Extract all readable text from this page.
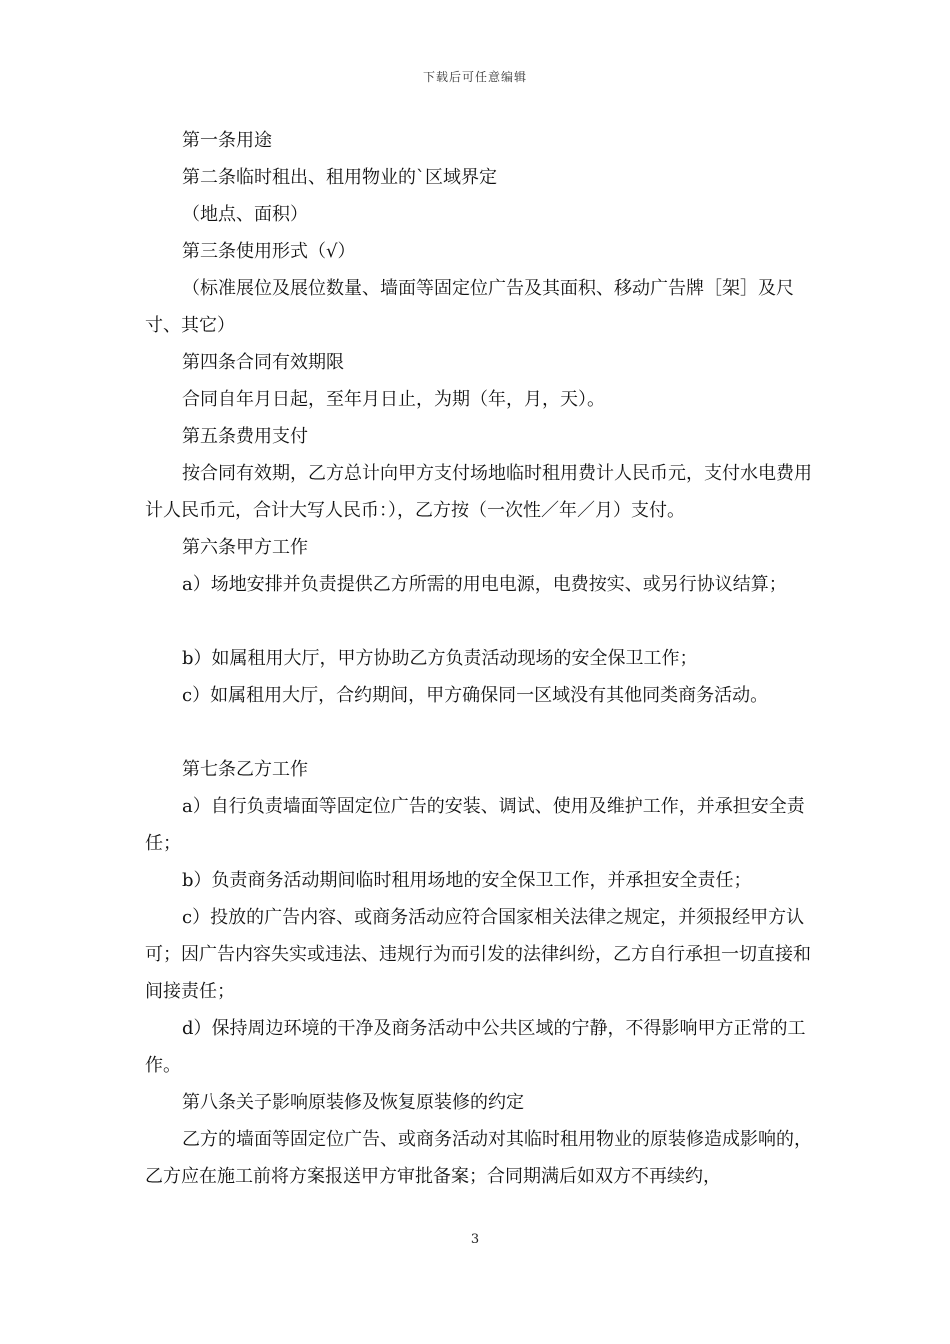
下载后可任意编辑

第一条用途

第二条临时租出、租用物业的`区域界定

（地点、面积）

第三条使用形式（√）

（标准展位及展位数量、墙面等固定位广告及其面积、移动广告牌［架］及尺寸、其它）

第四条合同有效期限

合同自年月日起，至年月日止，为期（年，月，天）。

第五条费用支付

按合同有效期，乙方总计向甲方支付场地临时租用费计人民币元，支付水电费用计人民币元，合计大写人民币：），乙方按（一次性／年／月）支付。

第六条甲方工作

a）场地安排并负责提供乙方所需的用电电源，电费按实、或另行协议结算；

b）如属租用大厅，甲方协助乙方负责活动现场的安全保卫工作；

c）如属租用大厅，合约期间，甲方确保同一区域没有其他同类商务活动。

第七条乙方工作

a）自行负责墙面等固定位广告的安装、调试、使用及维护工作，并承担安全责任；

b）负责商务活动期间临时租用场地的安全保卫工作，并承担安全责任；

c）投放的广告内容、或商务活动应符合国家相关法律之规定，并须报经甲方认可；因广告内容失实或违法、违规行为而引发的法律纠纷，乙方自行承担一切直接和间接责任；

d）保持周边环境的干净及商务活动中公共区域的宁静，不得影响甲方正常的工作。

第八条关子影响原装修及恢复原装修的约定

乙方的墙面等固定位广告、或商务活动对其临时租用物业的原装修造成影响的，乙方应在施工前将方案报送甲方审批备案；合同期满后如双方不再续约，

3
